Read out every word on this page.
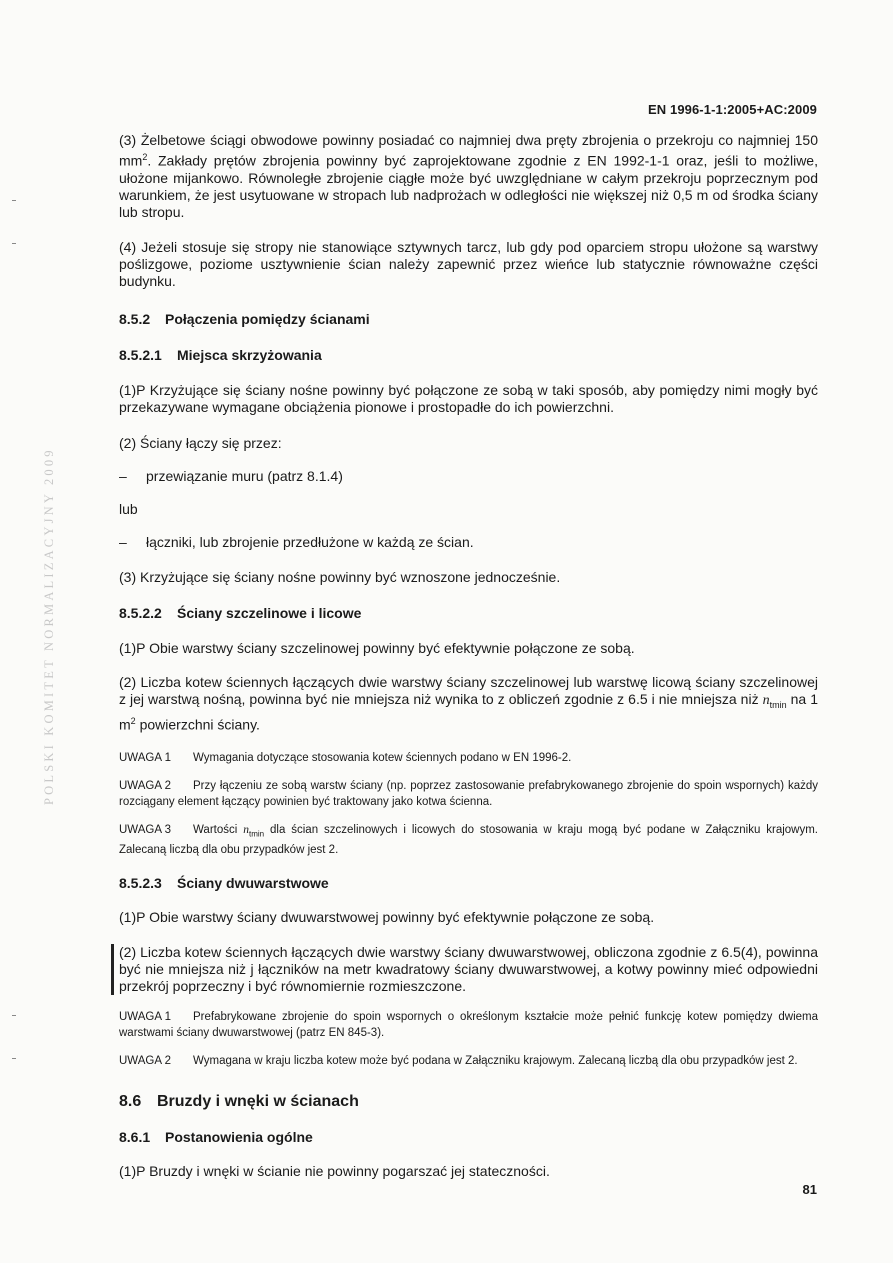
POLSKI KOMITET NORMALIZACYJNY 2009
EN 1996-1-1:2005+AC:2009

(3) Żelbetowe ściągi obwodowe powinny posiadać co najmniej dwa pręty zbrojenia o przekroju co najmniej 150 $mm^2$. Zakłady prętów zbrojenia powinny być zaprojektowane zgodnie z EN 1992-1-1 oraz, jeśli to możliwe, ułożone mijankowo. Równoległe zbrojenie ciągłe może być uwzględniane w całym przekroju poprzecznym pod warunkiem, że jest usytuowane w stropach lub nadprożach w odległości nie większej niż 0,5 m od środka ściany lub stropu.

(4) Jeżeli stosuje się stropy nie stanowiące sztywnych tarcz, lub gdy pod oparciem stropu ułożone są warstwy poślizgowe, poziome usztywnienie ścian należy zapewnić przez wieńce lub statycznie równoważne części budynku.

8.5.2 Połączenia pomiędzy ścianami

8.5.2.1 Miejsca skrzyżowania

(1)P Krzyżujące się ściany nośne powinny być połączone ze sobą w taki sposób, aby pomiędzy nimi mogły być przekazywane wymagane obciążenia pionowe i prostopadłe do ich powierzchni.

(2) Ściany łączy się przez:

–	przewiązanie muru (patrz 8.1.4)

lub

–	łączniki, lub zbrojenie przedłużone w każdą ze ścian.

(3) Krzyżujące się ściany nośne powinny być wznoszone jednocześnie.

8.5.2.2 Ściany szczelinowe i licowe

(1)P Obie warstwy ściany szczelinowej powinny być efektywnie połączone ze sobą.

(2) Liczba kotew ściennych łączących dwie warstwy ściany szczelinowej lub warstwę licową ściany szczelinowej z jej warstwą nośną, powinna być nie mniejsza niż wynika to z obliczeń zgodnie z 6.5 i nie mniejsza niż $n_{tmin}$ na 1 $m^2$ powierzchni ściany.

UWAGA 1 Wymagania dotyczące stosowania kotew ściennych podano w EN 1996-2.

UWAGA 2 Przy łączeniu ze sobą warstw ściany (np. poprzez zastosowanie prefabrykowanego zbrojenie do spoin wspornych) każdy rozciągany element łączący powinien być traktowany jako kotwa ścienna.

UWAGA 3 Wartości $n_{tmin}$ dla ścian szczelinowych i licowych do stosowania w kraju mogą być podane w Załączniku krajowym. Zalecaną liczbą dla obu przypadków jest 2.

8.5.2.3 Ściany dwuwarstwowe

(1)P Obie warstwy ściany dwuwarstwowej powinny być efektywnie połączone ze sobą.

(2) Liczba kotew ściennych łączących dwie warstwy ściany dwuwarstwowej, obliczona zgodnie z 6.5(4), powinna być nie mniejsza niż j łączników na metr kwadratowy ściany dwuwarstwowej, a kotwy powinny mieć odpowiedni przekrój poprzeczny i być równomiernie rozmieszczone.

UWAGA 1 Prefabrykowane zbrojenie do spoin wspornych o określonym kształcie może pełnić funkcję kotew pomiędzy dwiema warstwami ściany dwuwarstwowej (patrz EN 845-3).

UWAGA 2 Wymagana w kraju liczba kotew może być podana w Załączniku krajowym. Zalecaną liczbą dla obu przypadków jest 2.

8.6 Bruzdy i wnęki w ścianach

8.6.1 Postanowienia ogólne

(1)P Bruzdy i wnęki w ścianie nie powinny pogarszać jej stateczności.

81
